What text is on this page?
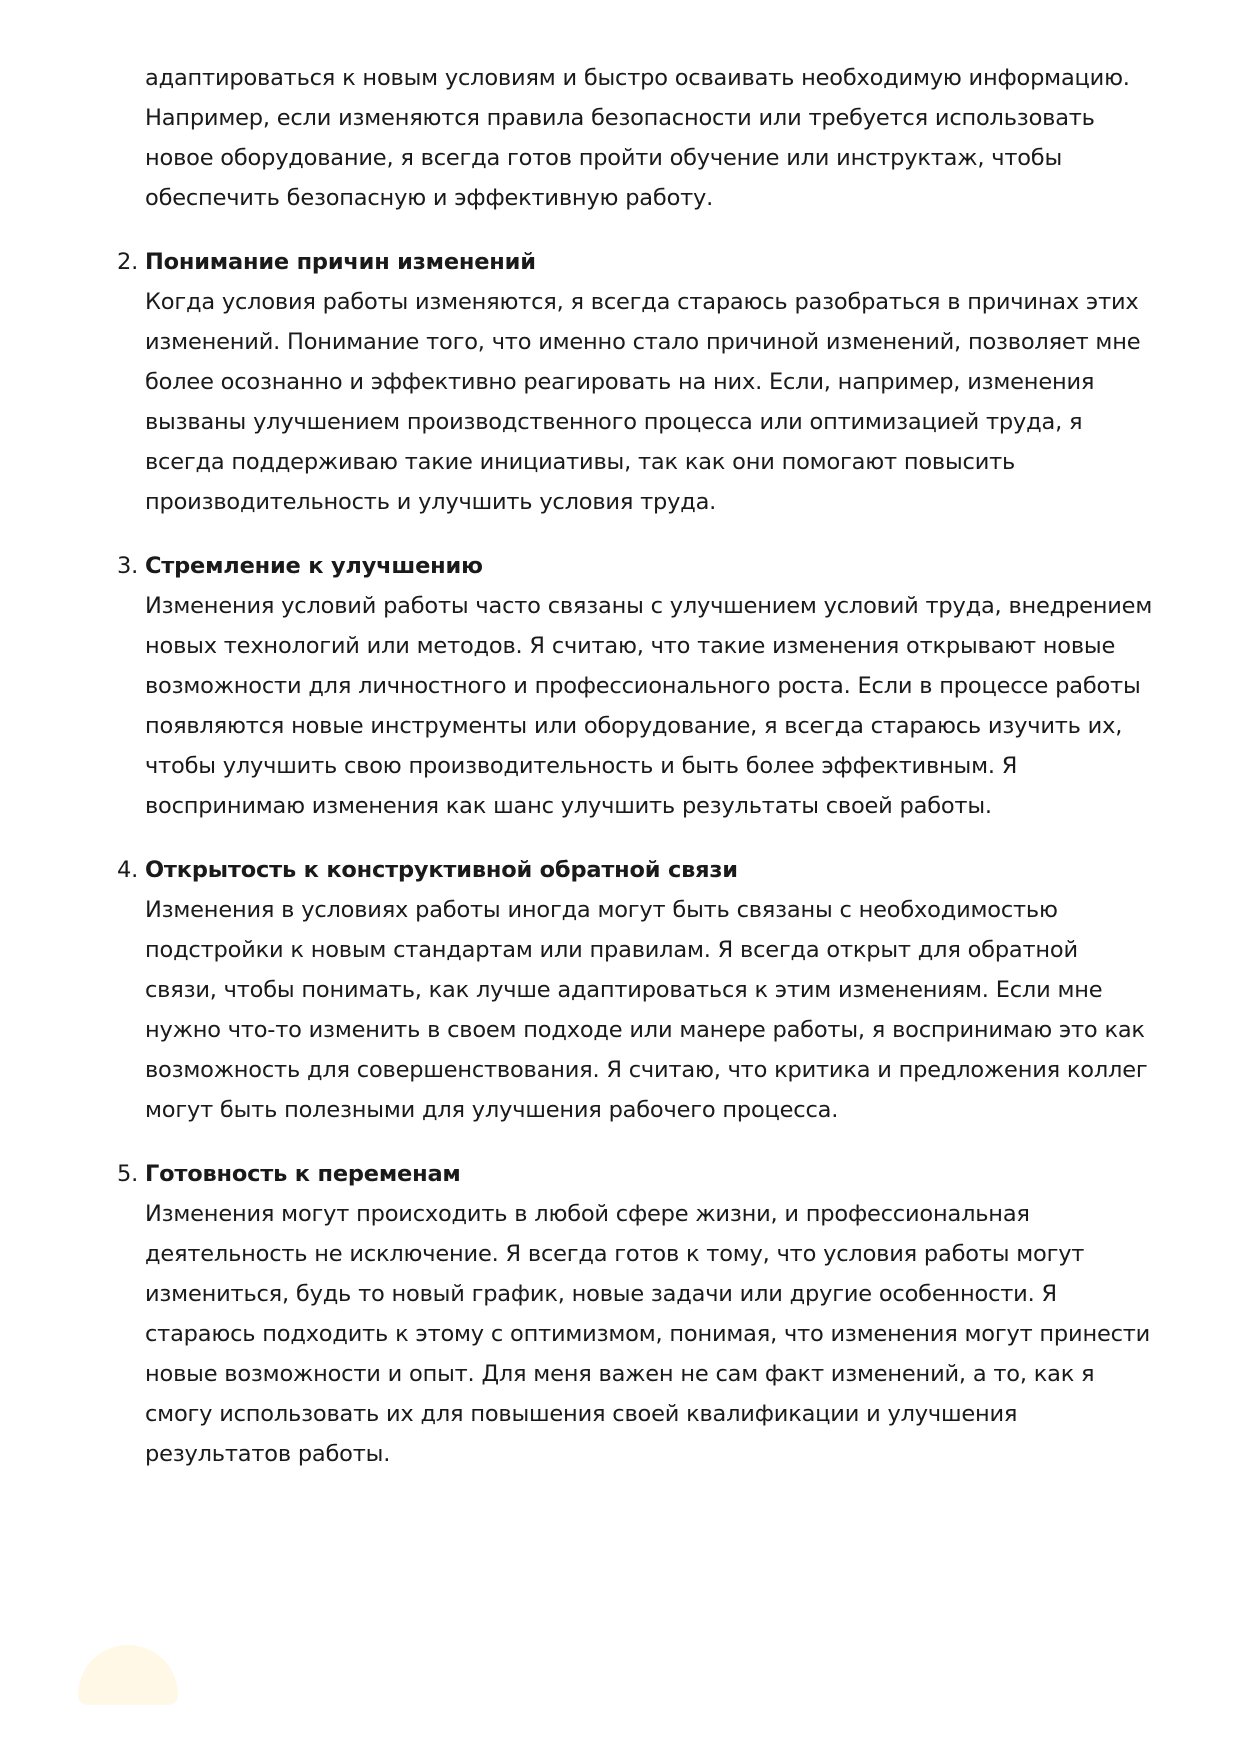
адаптироваться к новым условиям и быстро осваивать необходимую информацию. Например, если изменяются правила безопасности или требуется использовать новое оборудование, я всегда готов пройти обучение или инструктаж, чтобы обеспечить безопасную и эффективную работу.

2. Понимание причин изменений

Когда условия работы изменяются, я всегда стараюсь разобраться в причинах этих изменений. Понимание того, что именно стало причиной изменений, позволяет мне более осознанно и эффективно реагировать на них. Если, например, изменения вызваны улучшением производственного процесса или оптимизацией труда, я всегда поддерживаю такие инициативы, так как они помогают повысить производительность и улучшить условия труда.

3. Стремление к улучшению

Изменения условий работы часто связаны с улучшением условий труда, внедрением новых технологий или методов. Я считаю, что такие изменения открывают новые возможности для личностного и профессионального роста. Если в процессе работы появляются новые инструменты или оборудование, я всегда стараюсь изучить их, чтобы улучшить свою производительность и быть более эффективным. Я воспринимаю изменения как шанс улучшить результаты своей работы.

4. Открытость к конструктивной обратной связи

Изменения в условиях работы иногда могут быть связаны с необходимостью подстройки к новым стандартам или правилам. Я всегда открыт для обратной связи, чтобы понимать, как лучше адаптироваться к этим изменениям. Если мне нужно что-то изменить в своем подходе или манере работы, я воспринимаю это как возможность для совершенствования. Я считаю, что критика и предложения коллег могут быть полезными для улучшения рабочего процесса.

5. Готовность к переменам

Изменения могут происходить в любой сфере жизни, и профессиональная деятельность не исключение. Я всегда готов к тому, что условия работы могут измениться, будь то новый график, новые задачи или другие особенности. Я стараюсь подходить к этому с оптимизмом, понимая, что изменения могут принести новые возможности и опыт. Для меня важен не сам факт изменений, а то, как я смогу использовать их для повышения своей квалификации и улучшения результатов работы.
